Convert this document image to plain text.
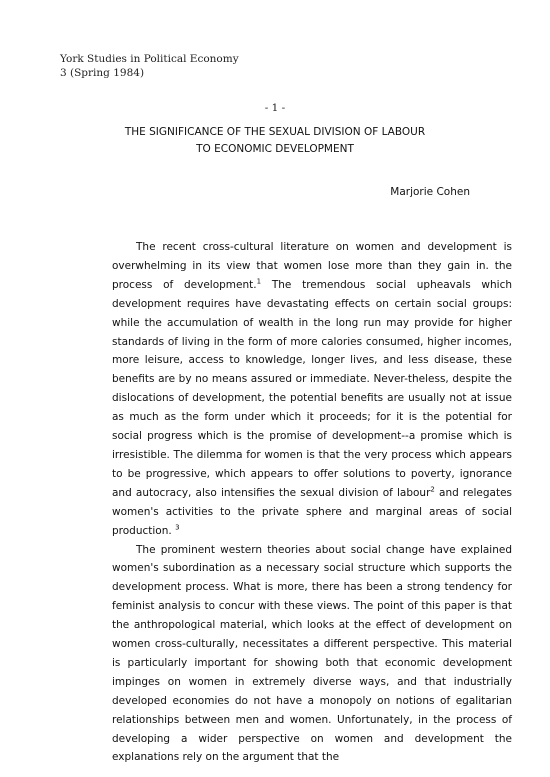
York Studies in Political Economy
3 (Spring 1984)
- 1 -
THE SIGNIFICANCE OF THE SEXUAL DIVISION OF LABOUR
TO ECONOMIC DEVELOPMENT
Marjorie Cohen

The recent cross-cultural literature on women and development is overwhelming in its view that women lose more than they gain in. the process of development.$^1$ The tremendous social upheavals which development requires have devastating effects on certain social groups: while the accumulation of wealth in the long run may provide for higher standards of living in the form of more calories consumed, higher incomes, more leisure, access to knowledge, longer lives, and less disease, these benefits are by no means assured or immediate. Never-theless, despite the dislocations of development, the potential benefits are usually not at issue as much as the form under which it proceeds; for it is the potential for social progress which is the promise of development--a promise which is irresistible. The dilemma for women is that the very process which appears to be progressive, which appears to offer solutions to poverty, ignorance and autocracy, also intensifies the sexual division of labour$^2$ and relegates women's activities to the private sphere and marginal areas of social production. $^3$

The prominent western theories about social change have explained women's subordination as a necessary social structure which supports the development process. What is more, there has been a strong tendency for feminist analysis to concur with these views. The point of this paper is that the anthropological material, which looks at the effect of development on women cross-culturally, necessitates a different perspective. This material is particularly important for showing both that economic development impinges on women in extremely diverse ways, and that industrially developed economies do not have a monopoly on notions of egalitarian relationships between men and women. Unfortunately, in the process of developing a wider perspective on women and development the explanations rely on the argument that the
